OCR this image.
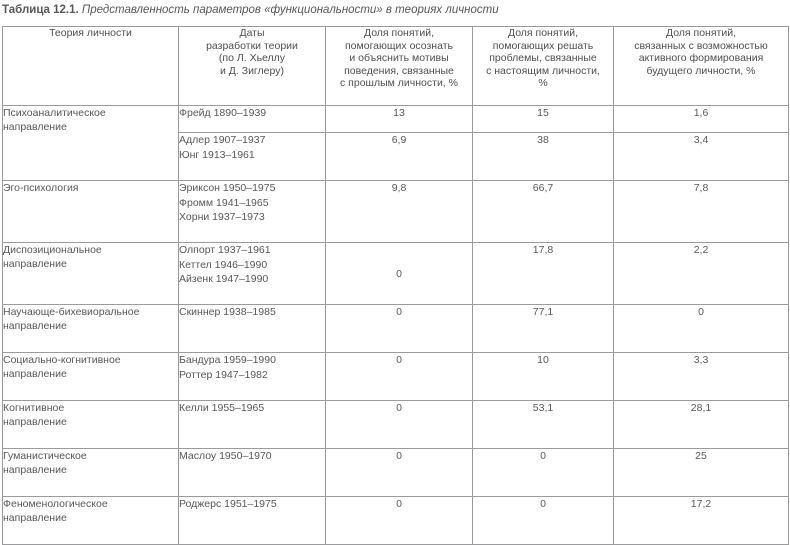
Таблица 12.1. Представленность параметров «функциональности» в теориях личности
Теория личности	Даты
разработки теории
(по Л. Хьеллу
и Д. Зиглеру)	Доля понятий,
помогающих осознать
и объяснить мотивы
поведения, связанные
с прошлым личности, %	Доля понятий,
помогающих решать
проблемы, связанные
с настоящим личности,
%	Доля понятий,
связанных с возможностью
активного формирования
будущего личности, %

Психоаналитическое
направление	Фрейд 1890–1939	13	15	1,6

	Адлер 1907–1937
Юнг 1913–1961	6,9	38	3,4

Эго-психология	Эриксон 1950–1975
Фромм 1941–1965
Хорни 1937–1973	9,8	66,7	7,8

Диспозициональное
направление	Олпорт 1937–1961
Кеттел 1946–1990
Айзенк 1947–1990	0	17,8	2,2

Научающе-бихевиоральное
направление	Скиннер 1938–1985	0	77,1	0

Социально-когнитивное
направление	Бандура 1959–1990
Роттер 1947–1982	0	10	3,3

Когнитивное
направление	Келли 1955–1965	0	53,1	28,1

Гуманистическое
направление	Маслоу 1950–1970	0	0	25

Феноменологическое
направление	Роджерс 1951–1975	0	0	17,2
